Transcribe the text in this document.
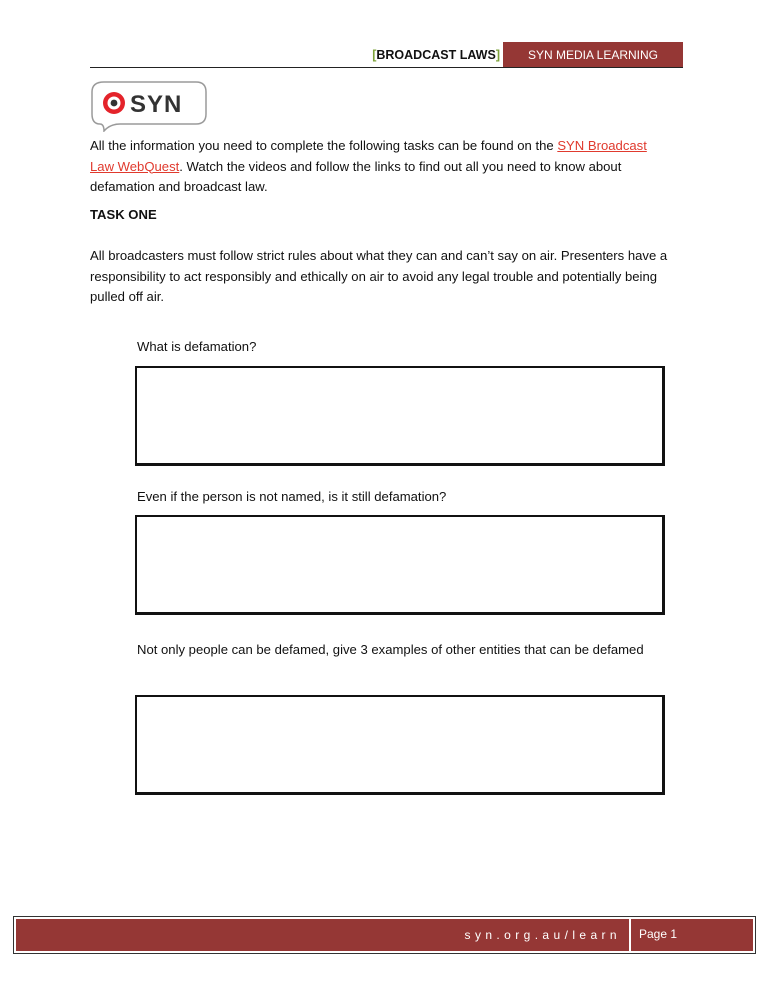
[BROADCAST LAWS]	SYN MEDIA LEARNING
SYN

All the information you need to complete the following tasks can be found on the SYN Broadcast Law WebQuest. Watch the videos and follow the links to find out all you need to know about defamation and broadcast law.

TASK ONE

All broadcasters must follow strict rules about what they can and can’t say on air. Presenters have a responsibility to act responsibly and ethically on air to avoid any legal trouble and potentially being pulled off air.

What is defamation?

Even if the person is not named, is it still defamation?

Not only people can be defamed, give 3 examples of other entities that can be defamed

syn.org.au/learn	Page 1
